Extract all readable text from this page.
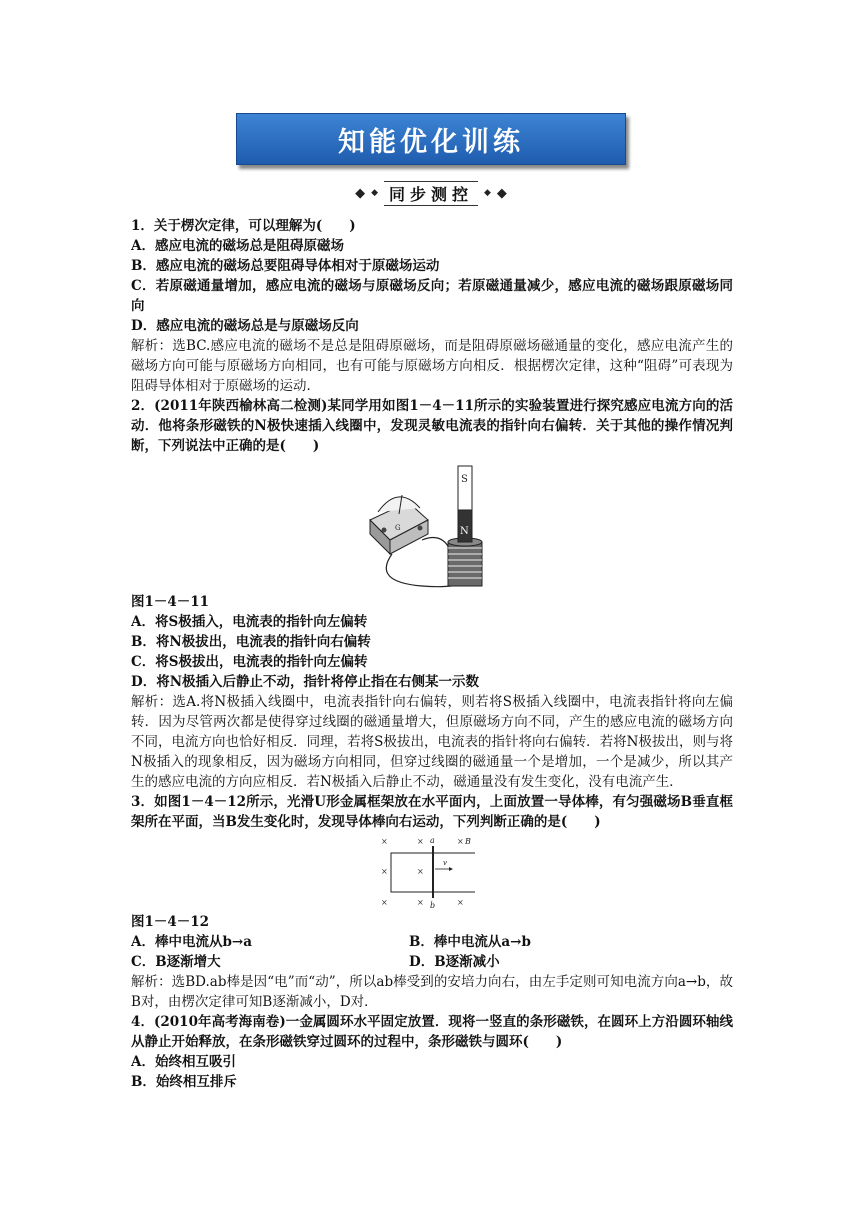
知能优化训练
◆ ◆ 同步测控	◆ ◆

1．关于楞次定律，可以理解为(　　)

A．感应电流的磁场总是阻碍原磁场

B．感应电流的磁场总要阻碍导体相对于原磁场运动

C．若原磁通量增加，感应电流的磁场与原磁场反向；若原磁通量减少，感应电流的磁场跟原磁场同向

D．感应电流的磁场总是与原磁场反向

解析：选BC.感应电流的磁场不是总是阻碍原磁场，而是阻碍原磁场磁通量的变化，感应电流产生的磁场方向可能与原磁场方向相同，也有可能与原磁场方向相反．根据楞次定律，这种“阻碍”可表现为阻碍导体相对于原磁场的运动．

2．(2011年陕西榆林高二检测)某同学用如图1－4－11所示的实验装置进行探究感应电流方向的活动．他将条形磁铁的N极快速插入线圈中，发现灵敏电流表的指针向右偏转．关于其他的操作情况判断，下列说法中正确的是(　　)

G
S
N

图1－4－11

A．将S极插入，电流表的指针向左偏转

B．将N极拔出，电流表的指针向右偏转

C．将S极拔出，电流表的指针向左偏转

D．将N极插入后静止不动，指针将停止指在右侧某一示数

解析：选A.将N极插入线圈中，电流表指针向右偏转，则若将S极插入线圈中，电流表指针将向左偏转．因为尽管两次都是使得穿过线圈的磁通量增大，但原磁场方向不同，产生的感应电流的磁场方向不同，电流方向也恰好相反．同理，若将S极拔出，电流表的指针将向右偏转．若将N极拔出，则与将N极插入的现象相反，因为磁场方向相同，但穿过线圈的磁通量一个是增加，一个是减少，所以其产生的感应电流的方向应相反．若N极插入后静止不动，磁通量没有发生变化，没有电流产生．

3．如图1－4－12所示，光滑U形金属框架放在水平面内，上面放置一导体棒，有匀强磁场B垂直框架所在平面，当B发生变化时，发现导体棒向右运动，下列判断正确的是(　　)

×	×	×
×	×
×	×	×
a
b
B
v

图1－4－12

A．棒中电流从b→a	B．棒中电流从a→b

C．B逐渐增大	D．B逐渐减小

解析：选BD.ab棒是因“电”而“动”，所以ab棒受到的安培力向右，由左手定则可知电流方向a→b，故B对，由楞次定律可知B逐渐减小，D对．

4．(2010年高考海南卷)一金属圆环水平固定放置．现将一竖直的条形磁铁，在圆环上方沿圆环轴线从静止开始释放，在条形磁铁穿过圆环的过程中，条形磁铁与圆环(　　)

A．始终相互吸引

B．始终相互排斥
